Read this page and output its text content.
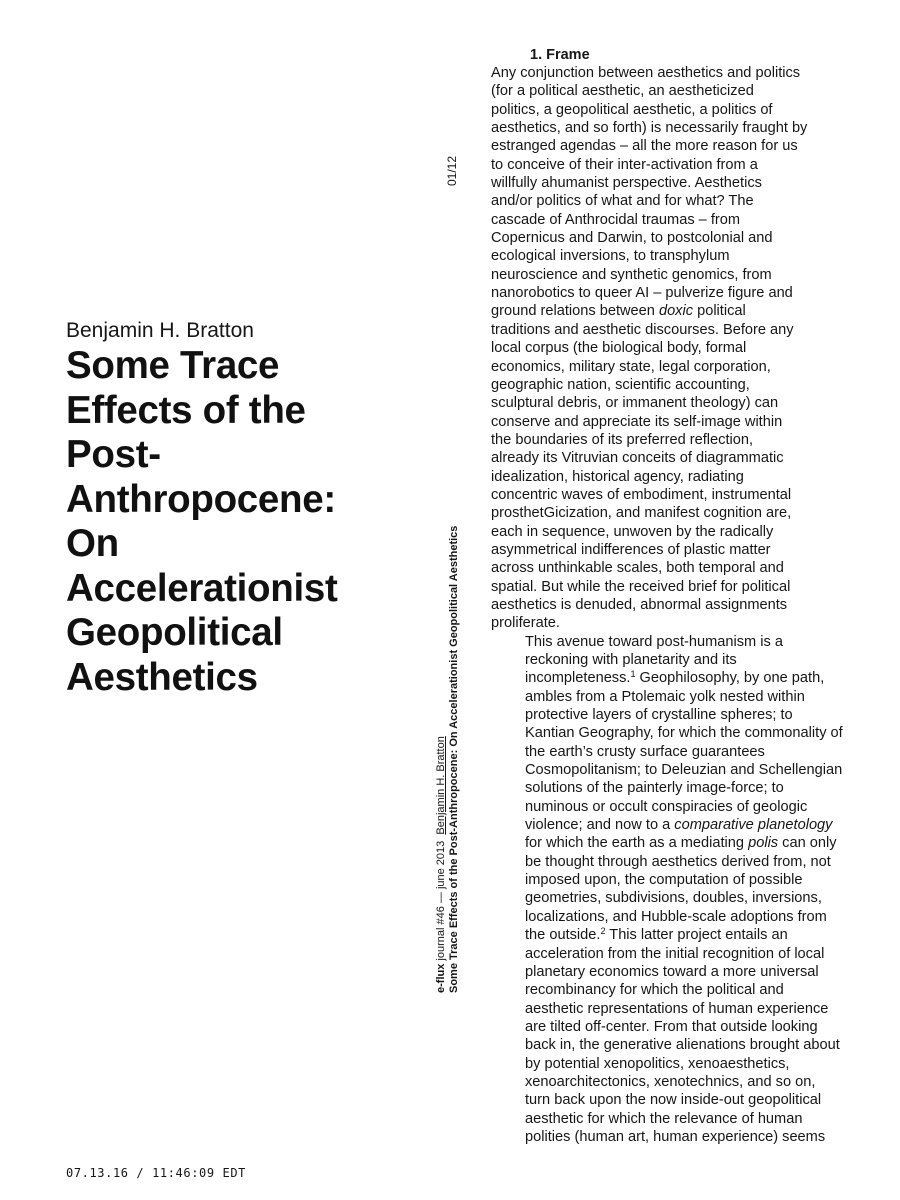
Benjamin H. Bratton
Some Trace
Effects of the
Post-
Anthropocene:
On
Accelerationist
Geopolitical
Aesthetics
01/12
e-flux journal #46 — june 2013  Benjamin H. Bratton Some Trace Effects of the Post-Anthropocene: On Accelerationist Geopolitical Aesthetics
1. Frame

Any conjunction between aesthetics and politics
(for a political aesthetic, an aestheticized
politics, a geopolitical aesthetic, a politics of
aesthetics, and so forth) is necessarily fraught by
estranged agendas – all the more reason for us
to conceive of their inter-activation from a
willfully ahumanist perspective. Aesthetics
and/or politics of what and for what? The
cascade of Anthrocidal traumas – from
Copernicus and Darwin, to postcolonial and
ecological inversions, to transphylum
neuroscience and synthetic genomics, from
nanorobotics to queer AI – pulverize figure and
ground relations between doxic political
traditions and aesthetic discourses. Before any
local corpus (the biological body, formal
economics, military state, legal corporation,
geographic nation, scientific accounting,
sculptural debris, or immanent theology) can
conserve and appreciate its self-image within
the boundaries of its preferred reflection,
already its Vitruvian conceits of diagrammatic
idealization, historical agency, radiating
concentric waves of embodiment, instrumental
prosthetGicization, and manifest cognition are,
each in sequence, unwoven by the radically
asymmetrical indifferences of plastic matter
across unthinkable scales, both temporal and
spatial. But while the received brief for political
aesthetics is denuded, abnormal assignments
proliferate.

This avenue toward post-humanism is a
reckoning with planetarity and its
incompleteness.$^1$ Geophilosophy, by one path,
ambles from a Ptolemaic yolk nested within
protective layers of crystalline spheres; to
Kantian Geography, for which the commonality of
the earth’s crusty surface guarantees
Cosmopolitanism; to Deleuzian and Schellengian
solutions of the painterly image-force; to
numinous or occult conspiracies of geologic
violence; and now to a comparative planetology
for which the earth as a mediating polis can only
be thought through aesthetics derived from, not
imposed upon, the computation of possible
geometries, subdivisions, doubles, inversions,
localizations, and Hubble-scale adoptions from
the outside.$^2$ This latter project entails an
acceleration from the initial recognition of local
planetary economics toward a more universal
recombinancy for which the political and
aesthetic representations of human experience
are tilted off-center. From that outside looking
back in, the generative alienations brought about
by potential xenopolitics, xenoaesthetics,
xenoarchitectonics, xenotechnics, and so on,
turn back upon the now inside-out geopolitical
aesthetic for which the relevance of human
polities (human art, human experience) seems

07.13.16 / 11:46:09 EDT
